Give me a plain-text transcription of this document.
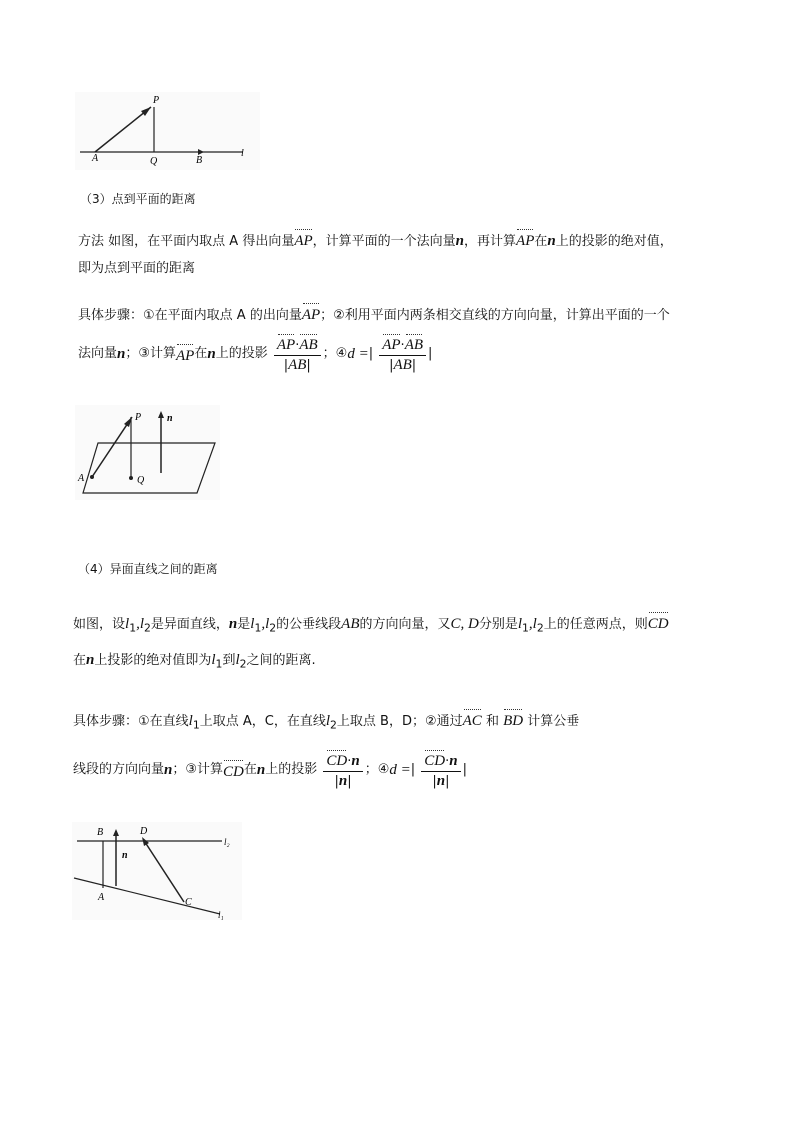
P
A	Q	B
l
（3）点到平面的距离
方法 如图，在平面内取点 A 得出向量AP，计算平面的一个法向量n，再计算AP在n上的投影的绝对值，
即为点到平面的距离
具体步骤：①在平面内取点 A 的出向量AP；②利用平面内两条相交直线的方向向量，计算出平面的一个
法向量n；③计算AP在n上的投影 $\frac{AP\cdot AB}{|AB|}$ ；④d =| $\frac{AP\cdot AB}{|AB|}$ |
P	n
A	Q
（4）异面直线之间的距离
如图，设$l_1,l_2$是异面直线，n是$l_1,l_2$的公垂线段AB的方向向量，又C, D分别是$l_1,l_2$上的任意两点，则CD
在n上投影的绝对值即为$l_1$到$l_2$之间的距离.
具体步骤：①在直线$l_1$上取点 A，C，在直线$l_2$上取点 B，D；②通过AC 和 BD 计算公垂
线段的方向向量n；③计算CD在n上的投影 $\frac{CD\cdot n}{|n|}$ ；④d =| $\frac{CD\cdot n}{|n|}$ |
B	D
n
A	C
l₂
l₁
